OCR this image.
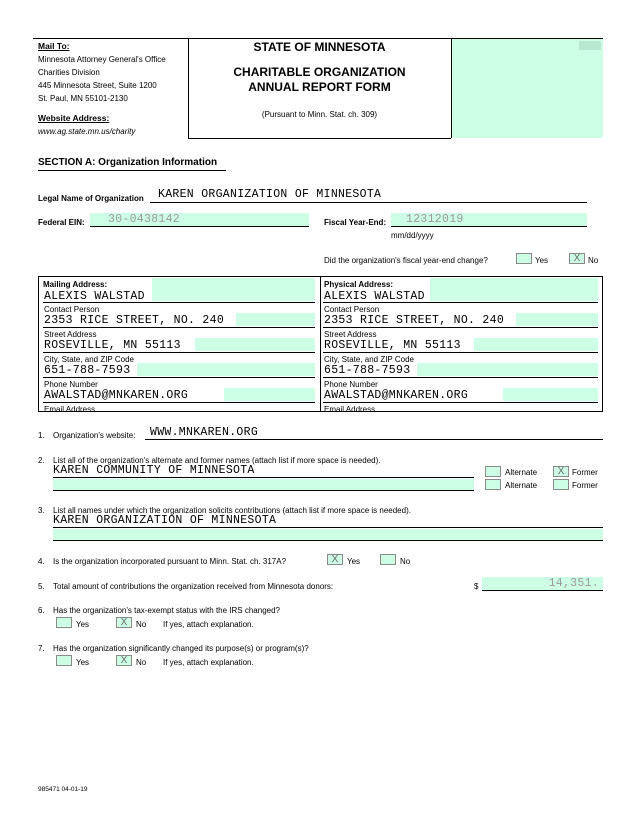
Mail To:
Minnesota Attorney General's Office
Charities Division
445 Minnesota Street, Suite 1200
St. Paul, MN 55101-2130
Website Address:
www.ag.state.mn.us/charity
STATE OF MINNESOTA
CHARITABLE ORGANIZATION
ANNUAL REPORT FORM
(Pursuant to Minn. Stat. ch. 309)
SECTION A: Organization Information
Legal Name of Organization KAREN ORGANIZATION OF MINNESOTA
Federal EIN: 30-0438142	Fiscal Year-End: 12312019
mm/dd/yyyy
Did the organization's fiscal year-end change?	Yes	X No
Mailing Address:
ALEXIS WALSTAD
Contact Person
2353 RICE STREET, NO. 240
Street Address
ROSEVILLE, MN 55113
City, State, and ZIP Code
651-788-7593
Phone Number
AWALSTAD@MNKAREN.ORG
Email Address
Physical Address:
ALEXIS WALSTAD
Contact Person
2353 RICE STREET, NO. 240
Street Address
ROSEVILLE, MN 55113
City, State, and ZIP Code
651-788-7593
Phone Number
AWALSTAD@MNKAREN.ORG
Email Address
1. Organization's website: WWW.MNKAREN.ORG
2. List all of the organization's alternate and former names (attach list if more space is needed).
KAREN COMMUNITY OF MINNESOTA	Alternate	X Former
Alternate	Former
3. List all names under which the organization solicits contributions (attach list if more space is needed).
KAREN ORGANIZATION OF MINNESOTA
4. Is the organization incorporated pursuant to Minn. Stat. ch. 317A?	X	Yes	No
5. Total amount of contributions the organization received from Minnesota donors:	$	14,351.
6. Has the organization's tax-exempt status with the IRS changed?
Yes	X	No If yes, attach explanation.
7. Has the organization significantly changed its purpose(s) or program(s)?
Yes	X	No If yes, attach explanation.
985471 04-01-19
